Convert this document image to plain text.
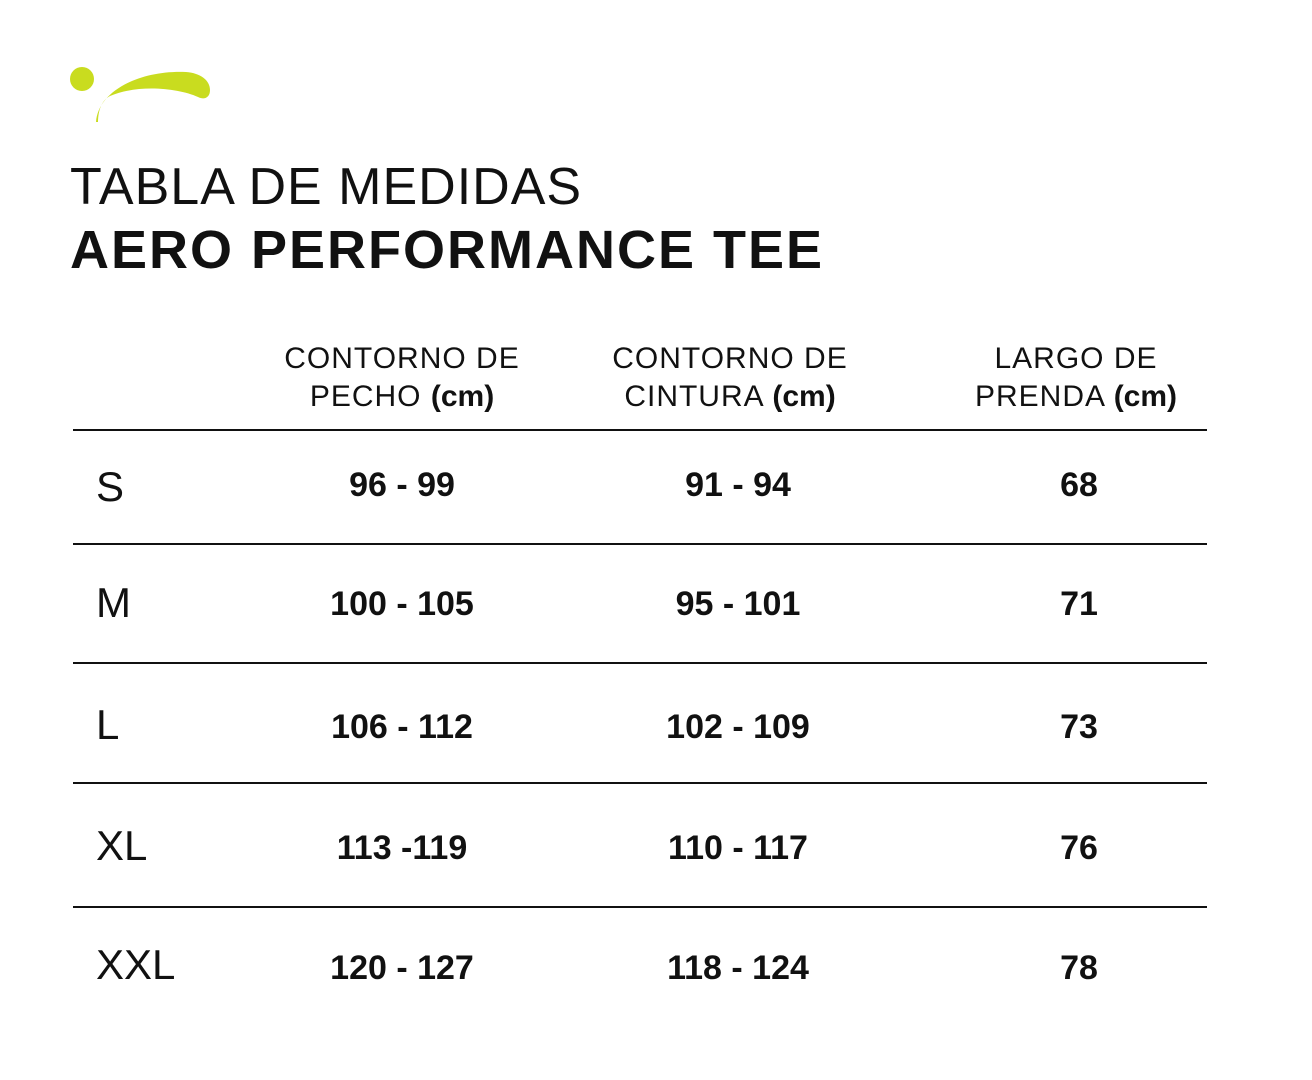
TABLA DE MEDIDAS
AERO PERFORMANCE TEE
CONTORNO DE
PECHO (cm)
CONTORNO DE
CINTURA (cm)
LARGO DE
PRENDA (cm)
S	96 - 99	91 - 94	68
M	100 - 105	95 - 101	71
L	106 - 112	102 - 109	73
XL	113 -119	110 - 117	76
XXL	120 - 127	118 - 124	78
